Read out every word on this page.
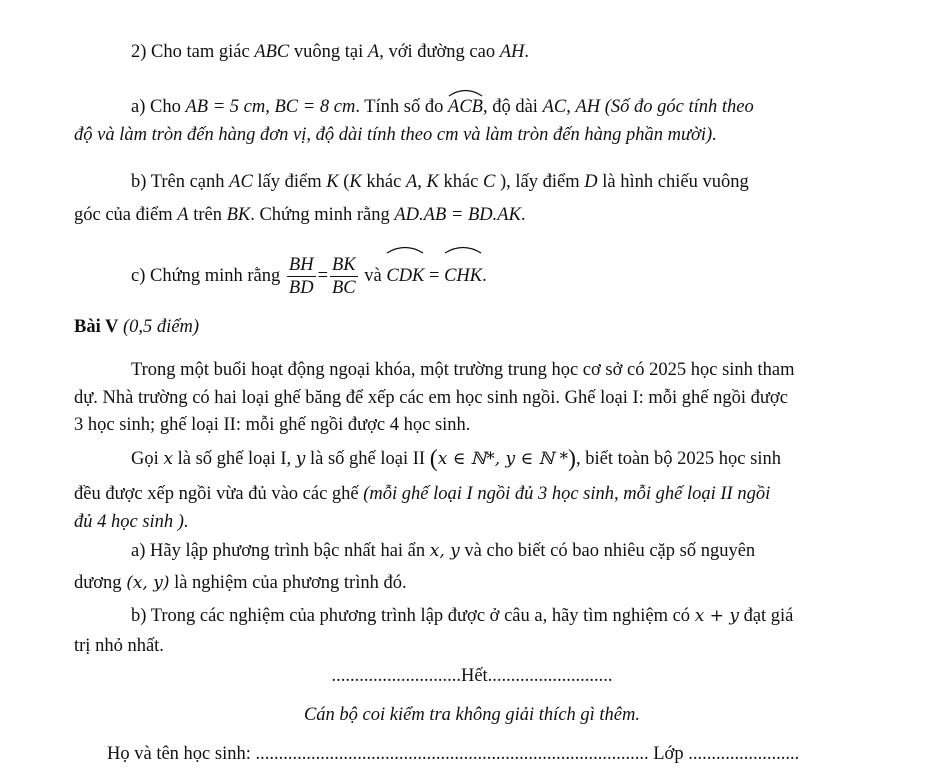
2) Cho tam giác ABC vuông tại A, với đường cao AH.
a) Cho AB = 5 cm, BC = 8 cm. Tính số đo
ACB, độ dài AC, AH (Số đo góc tính theo
độ và làm tròn đến hàng đơn vị, độ dài tính theo cm và làm tròn đến hàng phần mười).
b) Trên cạnh AC lấy điểm K (K khác A, K khác C ), lấy điểm D là hình chiếu vuông
góc của điểm A trên BK. Chứng minh rằng AD.AB = BD.AK.
c) Chứng minh rằng $\frac{BH}{BD} = \frac{BK}{BC}$ và
CDK =
CHK.
Bài V (0,5 điểm)
Trong một buổi hoạt động ngoại khóa, một trường trung học cơ sở có 2025 học sinh tham
dự. Nhà trường có hai loại ghế băng để xếp các em học sinh ngồi. Ghế loại I: mỗi ghế ngồi được
3 học sinh; ghế loại II: mỗi ghế ngồi được 4 học sinh.
Gọi x là số ghế loại I, y là số ghế loại II (x ∈ ℕ*, y ∈ ℕ *), biết toàn bộ 2025 học sinh
đều được xếp ngồi vừa đủ vào các ghế (mỗi ghế loại I ngồi đủ 3 học sinh, mỗi ghế loại II ngồi
đủ 4 học sinh ).
a) Hãy lập phương trình bậc nhất hai ẩn x, y và cho biết có bao nhiêu cặp số nguyên
dương (x, y) là nghiệm của phương trình đó.
b) Trong các nghiệm của phương trình lập được ở câu a, hãy tìm nghiệm có x + y đạt giá
trị nhỏ nhất.
............................Hết...........................
Cán bộ coi kiểm tra không giải thích gì thêm.
Họ và tên học sinh: ..................................................................................... Lớp ........................
